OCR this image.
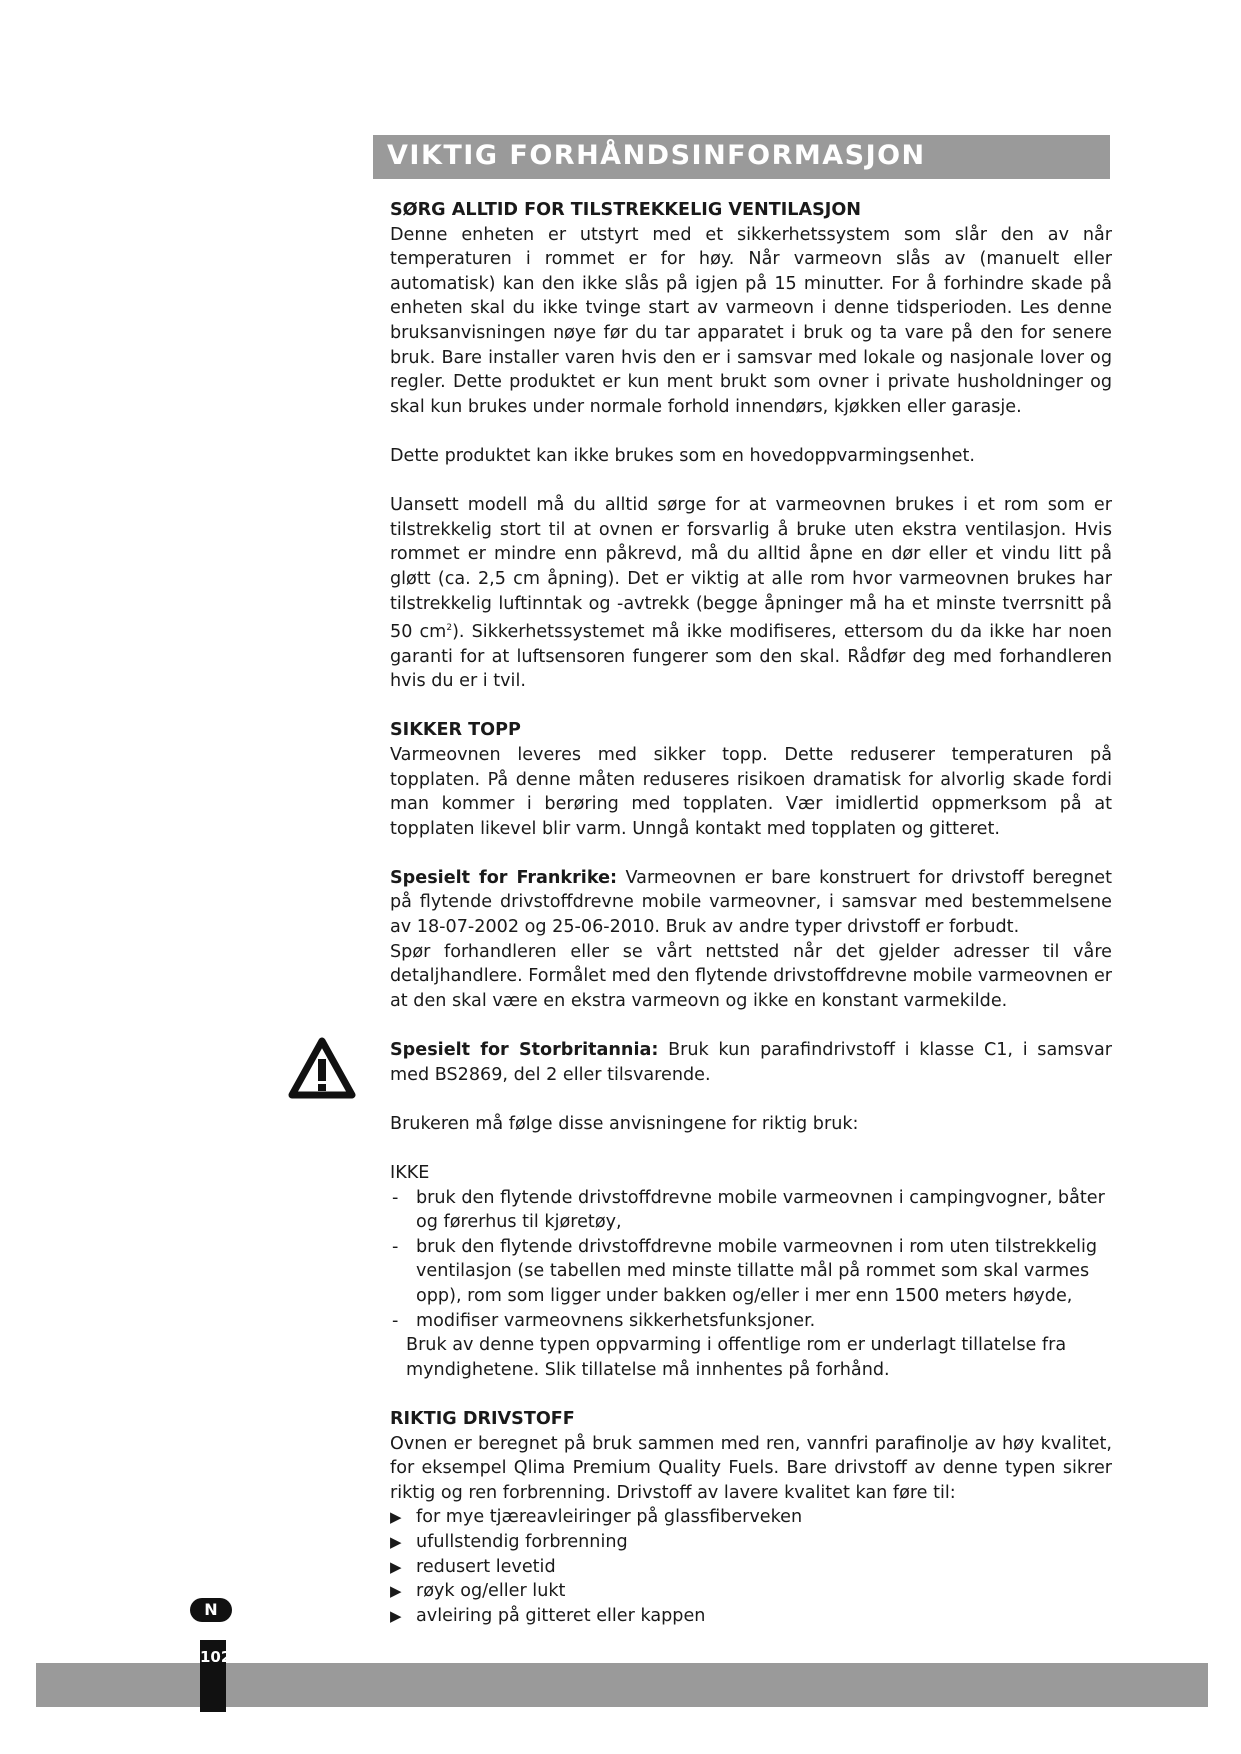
VIKTIG FORHÅNDSINFORMASJON

SØRG ALLTID FOR TILSTREKKELIG VENTILASJON

Denne enheten er utstyrt med et sikkerhetssystem som slår den av når temperaturen i rommet er for høy. Når varmeovn slås av (manuelt eller automatisk) kan den ikke slås på igjen på 15 minutter. For å forhindre skade på enheten skal du ikke tvinge start av varmeovn i denne tidsperioden. Les denne bruksanvisningen nøye før du tar apparatet i bruk og ta vare på den for senere bruk. Bare installer varen hvis den er i samsvar med lokale og nasjonale lover og regler. Dette produktet er kun ment brukt som ovner i private husholdninger og skal kun brukes under normale forhold innendørs, kjøkken eller garasje.

Dette produktet kan ikke brukes som en hovedoppvarmingsenhet.

Uansett modell må du alltid sørge for at varmeovnen brukes i et rom som er tilstrekkelig stort til at ovnen er forsvarlig å bruke uten ekstra ventilasjon. Hvis rommet er mindre enn påkrevd, må du alltid åpne en dør eller et vindu litt på gløtt (ca. 2,5 cm åpning). Det er viktig at alle rom hvor varmeovnen brukes har tilstrekkelig luftinntak og -avtrekk (begge åpninger må ha et minste tverrsnitt på 50 $cm^2$). Sikkerhetssystemet må ikke modifiseres, ettersom du da ikke har noen garanti for at luftsensoren fungerer som den skal. Rådfør deg med forhandleren hvis du er i tvil.

SIKKER TOPP

Varmeovnen leveres med sikker topp. Dette reduserer temperaturen på topplaten. På denne måten reduseres risikoen dramatisk for alvorlig skade fordi man kommer i berøring med topplaten. Vær imidlertid oppmerksom på at topplaten likevel blir varm. Unngå kontakt med topplaten og gitteret.

Spesielt for Frankrike: Varmeovnen er bare konstruert for drivstoff beregnet på flytende drivstoffdrevne mobile varmeovner, i samsvar med bestemmelsene av 18-07-2002 og 25-06-2010. Bruk av andre typer drivstoff er forbudt.

Spør forhandleren eller se vårt nettsted når det gjelder adresser til våre detaljhandlere. Formålet med den flytende drivstoffdrevne mobile varmeovnen er at den skal være en ekstra varmeovn og ikke en konstant varmekilde.

Spesielt for Storbritannia: Bruk kun parafindrivstoff i klasse C1, i samsvar med BS2869, del 2 eller tilsvarende.

Brukeren må følge disse anvisningene for riktig bruk:

IKKE

- bruk den flytende drivstoffdrevne mobile varmeovnen i campingvogner, båter og førerhus til kjøretøy,
- bruk den flytende drivstoffdrevne mobile varmeovnen i rom uten tilstrekkelig ventilasjon (se tabellen med minste tillatte mål på rommet som skal varmes opp), rom som ligger under bakken og/eller i mer enn 1500 meters høyde,
- modifiser varmeovnens sikkerhetsfunksjoner.

Bruk av denne typen oppvarming i offentlige rom er underlagt tillatelse fra myndighetene. Slik tillatelse må innhentes på forhånd.

RIKTIG DRIVSTOFF

Ovnen er beregnet på bruk sammen med ren, vannfri parafinolje av høy kvalitet, for eksempel Qlima Premium Quality Fuels. Bare drivstoff av denne typen sikrer riktig og ren forbrenning. Drivstoff av lavere kvalitet kan føre til:

▶ for mye tjæreavleiringer på glassfiberveken
▶ ufullstendig forbrenning
▶ redusert levetid
▶ røyk og/eller lukt
▶ avleiring på gitteret eller kappen
N
102
